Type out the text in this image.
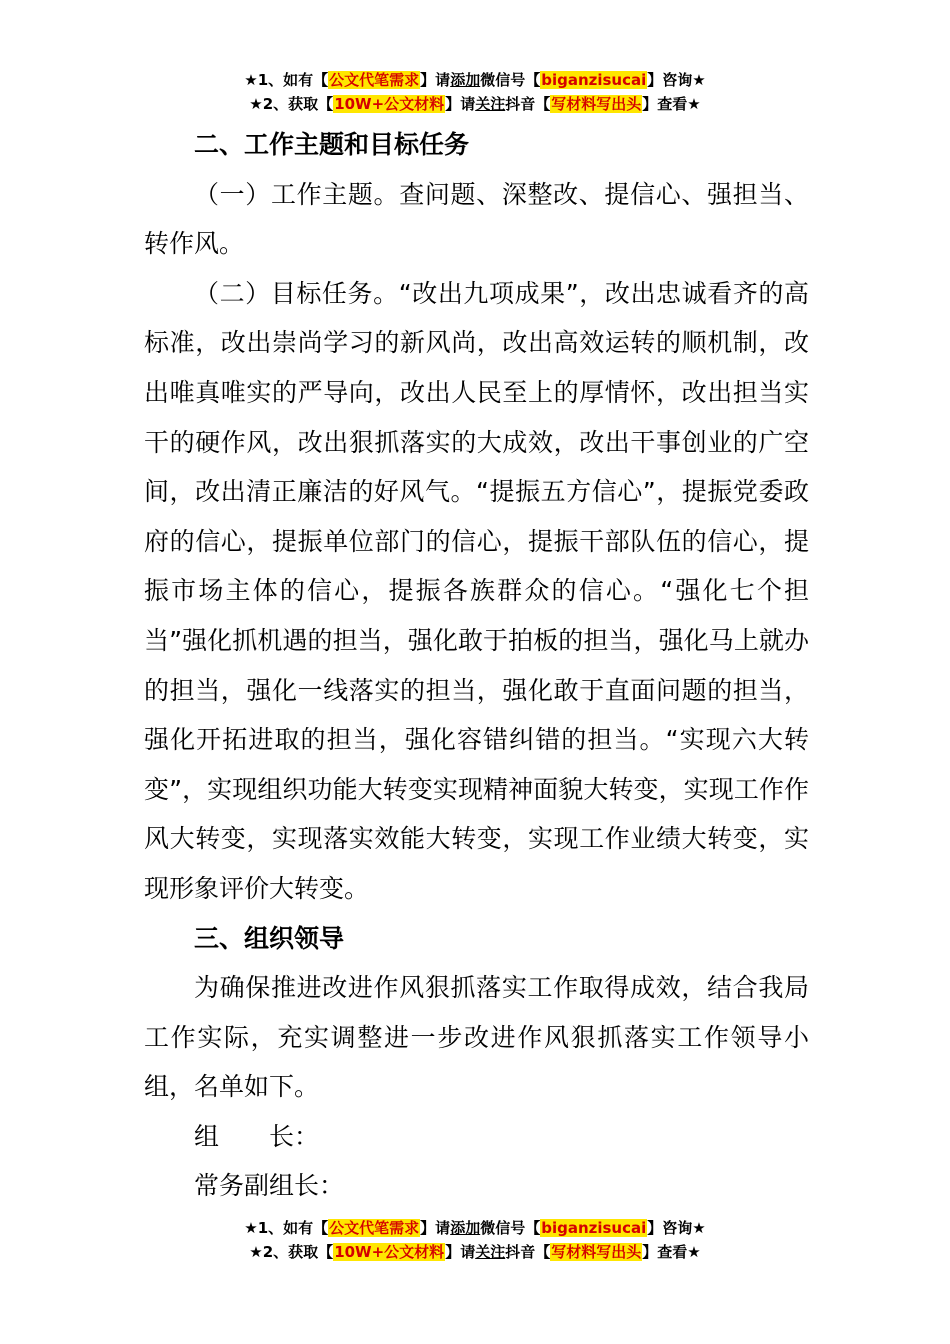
★1、如有【公文代笔需求】请添加微信号【biganzisucai】咨询★
★2、获取【10W+公文材料】请关注抖音【写材料写出头】查看★
二、工作主题和目标任务

（一）工作主题。查问题、深整改、提信心、强担当、转作风。

（二）目标任务。“改出九项成果”，改出忠诚看齐的高标准，改出崇尚学习的新风尚，改出高效运转的顺机制，改出唯真唯实的严导向，改出人民至上的厚情怀，改出担当实干的硬作风，改出狠抓落实的大成效，改出干事创业的广空间，改出清正廉洁的好风气。“提振五方信心”，提振党委政府的信心，提振单位部门的信心，提振干部队伍的信心，提振市场主体的信心，提振各族群众的信心。“强化七个担当”强化抓机遇的担当，强化敢于拍板的担当，强化马上就办的担当，强化一线落实的担当，强化敢于直面问题的担当，强化开拓进取的担当，强化容错纠错的担当。“实现六大转变”，实现组织功能大转变实现精神面貌大转变，实现工作作风大转变，实现落实效能大转变，实现工作业绩大转变，实现形象评价大转变。

三、组织领导

为确保推进改进作风狠抓落实工作取得成效，结合我局工作实际，充实调整进一步改进作风狠抓落实工作领导小组，名单如下。

组 长：

常务副组长：

★1、如有【公文代笔需求】请添加微信号【biganzisucai】咨询★
★2、获取【10W+公文材料】请关注抖音【写材料写出头】查看★
